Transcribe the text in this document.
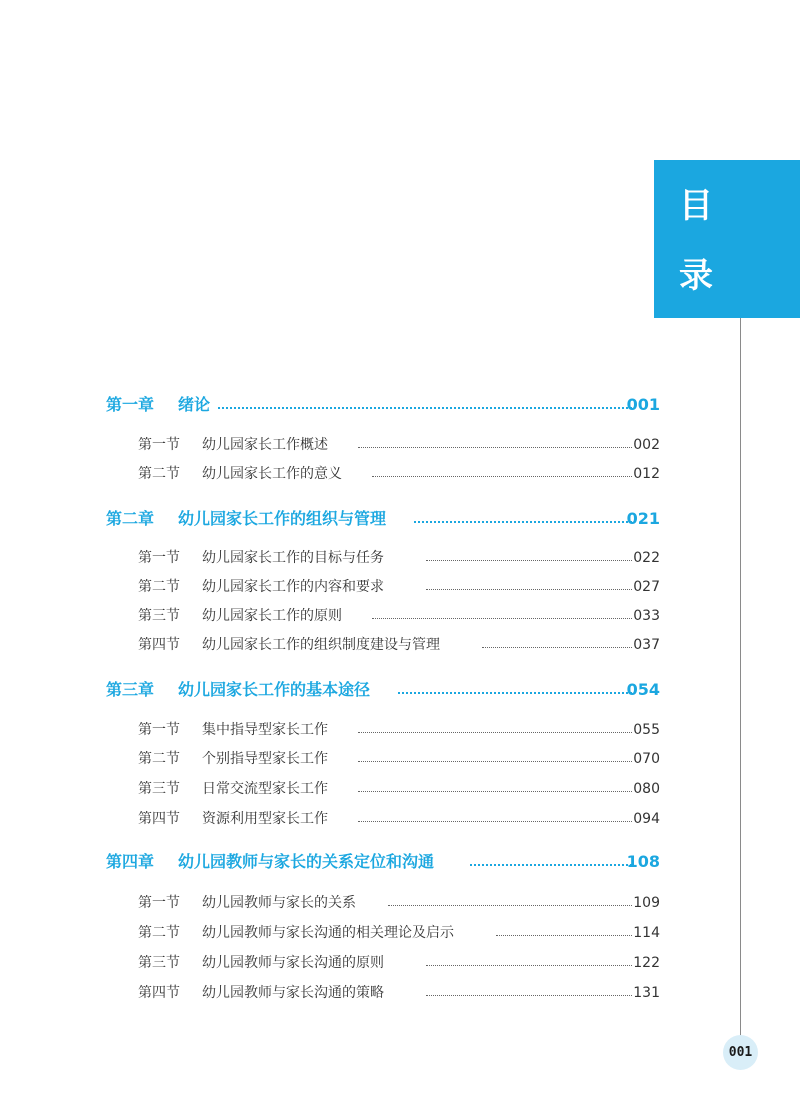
目
录
001
第一章 绪论	001
第一节 幼儿园家长工作概述	002
第二节 幼儿园家长工作的意义	012
第二章 幼儿园家长工作的组织与管理	021
第一节 幼儿园家长工作的目标与任务	022
第二节 幼儿园家长工作的内容和要求	027
第三节 幼儿园家长工作的原则	033
第四节 幼儿园家长工作的组织制度建设与管理	037
第三章 幼儿园家长工作的基本途径	054
第一节 集中指导型家长工作	055
第二节 个别指导型家长工作	070
第三节 日常交流型家长工作	080
第四节 资源利用型家长工作	094
第四章 幼儿园教师与家长的关系定位和沟通	108
第一节 幼儿园教师与家长的关系	109
第二节 幼儿园教师与家长沟通的相关理论及启示	114
第三节 幼儿园教师与家长沟通的原则	122
第四节 幼儿园教师与家长沟通的策略	131
